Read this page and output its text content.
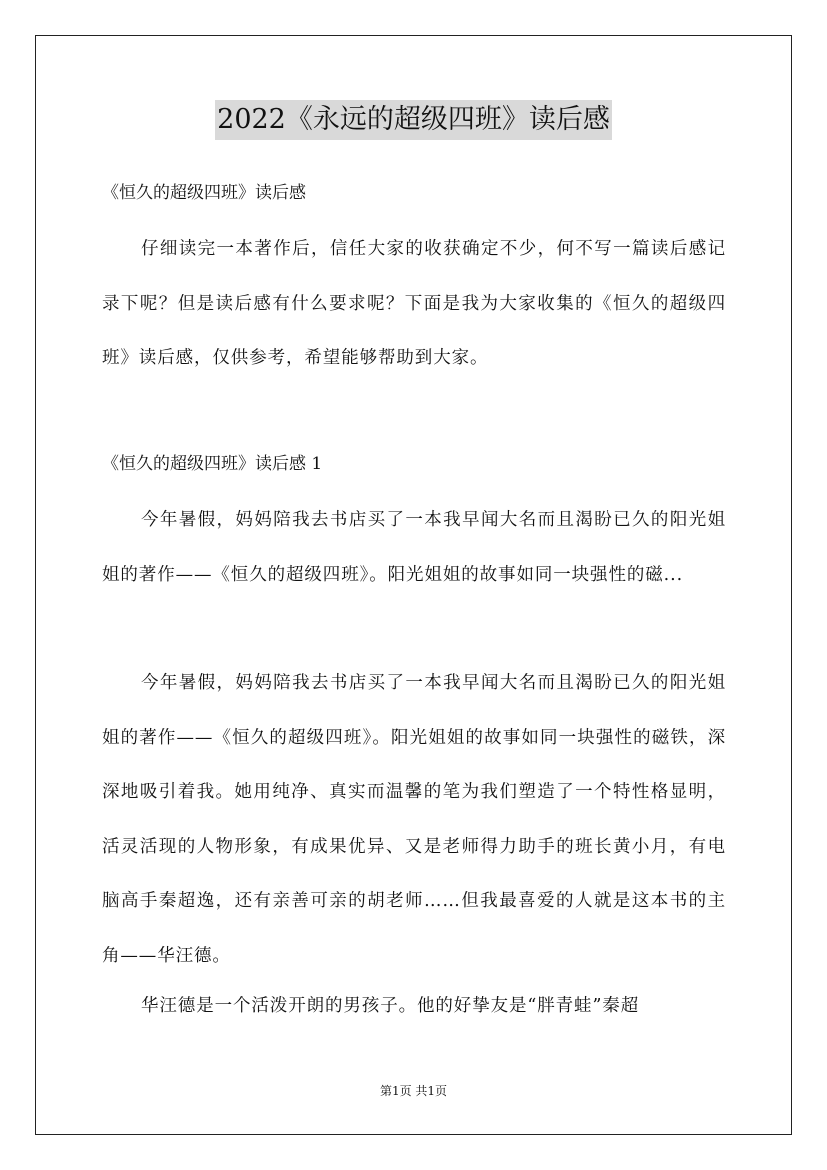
2022《永远的超级四班》读后感
《恒久的超级四班》读后感

仔细读完一本著作后，信任大家的收获确定不少，何不写一篇读后感记录下呢？但是读后感有什么要求呢？下面是我为大家收集的《恒久的超级四班》读后感，仅供参考，希望能够帮助到大家。

《恒久的超级四班》读后感 1

今年暑假，妈妈陪我去书店买了一本我早闻大名而且渴盼已久的阳光姐姐的著作——《恒久的超级四班》。阳光姐姐的故事如同一块强性的磁...

今年暑假，妈妈陪我去书店买了一本我早闻大名而且渴盼已久的阳光姐姐的著作——《恒久的超级四班》。阳光姐姐的故事如同一块强性的磁铁，深深地吸引着我。她用纯净、真实而温馨的笔为我们塑造了一个特性格显明，活灵活现的人物形象，有成果优异、又是老师得力助手的班长黄小月，有电脑高手秦超逸，还有亲善可亲的胡老师……但我最喜爱的人就是这本书的主角——华汪德。

华汪德是一个活泼开朗的男孩子。他的好挚友是“胖青蛙”秦超

第1页 共1页
